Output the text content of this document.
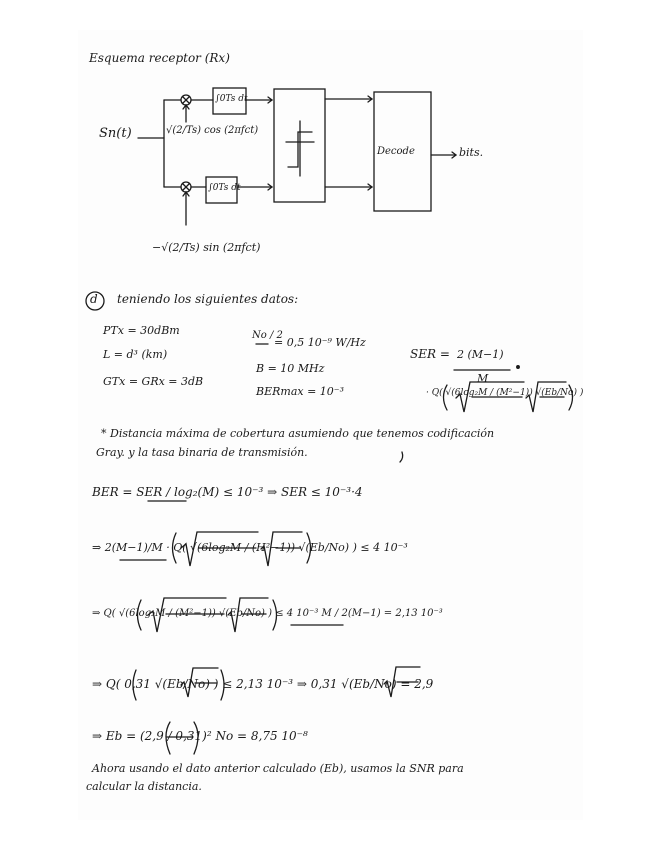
Esquema receptor (Rx)
Sn(t)
∫0Ts dt
∫0Ts dt
√(2/Ts) cos (2πfct)
−√(2/Ts) sin (2πfct)
Decode	bits.
d teniendo los siguientes datos:
PTx = 30dBm
L = d³ (km)
GTx = GRx = 3dB
No / 2
= 0,5 10⁻⁹ W/Hz
B = 10 MHz
BERmax = 10⁻³
SER = 2 (M−1)
M
· Q( √(6log₂M / (M²−1)) √(Eb/No) )
* Distancia máxima de cobertura asumiendo que tenemos codificación
Gray. y la tasa binaria de transmisión.
BER = SER / log₂(M) ≤ 10⁻³ ⇒ SER ≤ 10⁻³·4
⇒ 2(M−1)/M · Q( √(6log₂M / (H²−1)) √(Eb/No) ) ≤ 4 10⁻³
⇒ Q( √(6log₂M / (M²−1)) √(Eb/No) ) ≤ 4 10⁻³ M / 2(M−1) = 2,13 10⁻³
⇒ Q( 0,31 √(Eb/No) ) ≤ 2,13 10⁻³ ⇒ 0,31 √(Eb/No) = 2,9
⇒ Eb = (2,9 / 0,31)² No = 8,75 10⁻⁸
Ahora usando el dato anterior calculado (Eb), usamos la SNR para
calcular la distancia.
